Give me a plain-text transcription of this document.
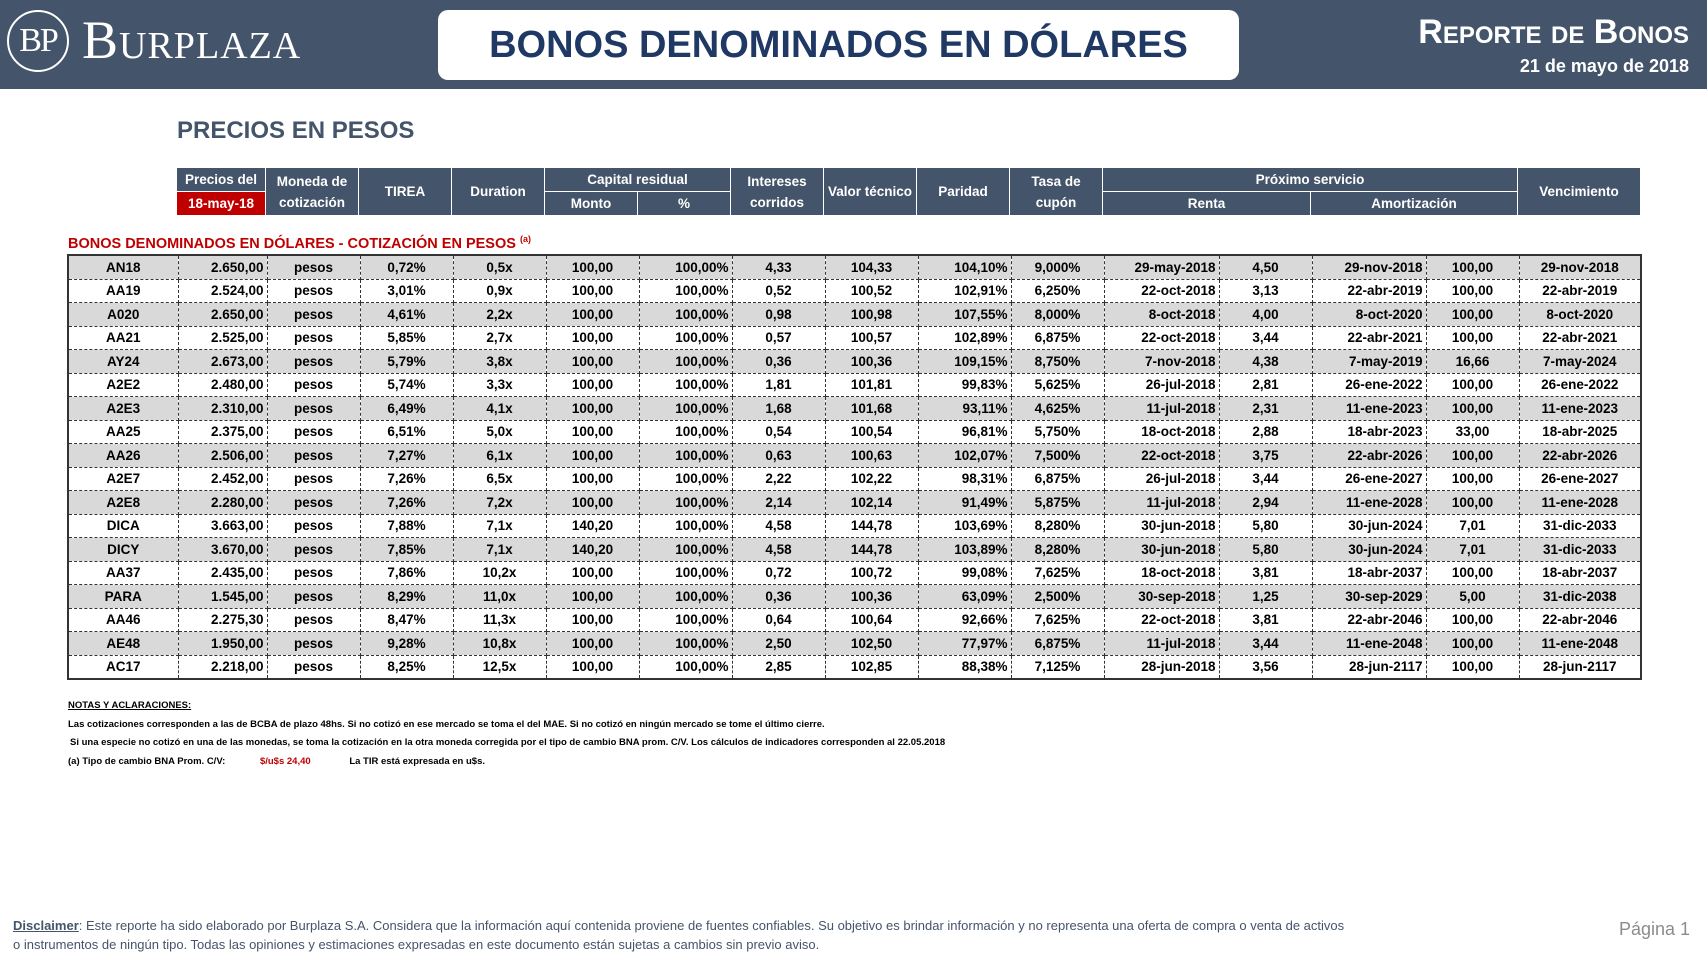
BP Burplaza	BONOS DENOMINADOS EN DÓLARES	Reporte de Bonos
21 de mayo de 2018
PRECIOS EN PESOS
Precios del
18-may-18
Moneda de cotización
TIREA	Duration
Capital residual
Monto	%
Intereses corridos
Valor técnico	Paridad
Tasa de cupón
Próximo servicio
Renta	Amortización
Vencimiento
BONOS DENOMINADOS EN DÓLARES - COTIZACIÓN EN PESOS $^{(a)}$
AN18	2.650,00	pesos	0,72%	0,5x	100,00	100,00%	4,33	104,33	104,10%	9,000%	29-may-2018	4,50	29-nov-2018	100,00	29-nov-2018
AA19	2.524,00	pesos	3,01%	0,9x	100,00	100,00%	0,52	100,52	102,91%	6,250%	22-oct-2018	3,13	22-abr-2019	100,00	22-abr-2019
A020	2.650,00	pesos	4,61%	2,2x	100,00	100,00%	0,98	100,98	107,55%	8,000%	8-oct-2018	4,00	8-oct-2020	100,00	8-oct-2020
AA21	2.525,00	pesos	5,85%	2,7x	100,00	100,00%	0,57	100,57	102,89%	6,875%	22-oct-2018	3,44	22-abr-2021	100,00	22-abr-2021
AY24	2.673,00	pesos	5,79%	3,8x	100,00	100,00%	0,36	100,36	109,15%	8,750%	7-nov-2018	4,38	7-may-2019	16,66	7-may-2024
A2E2	2.480,00	pesos	5,74%	3,3x	100,00	100,00%	1,81	101,81	99,83%	5,625%	26-jul-2018	2,81	26-ene-2022	100,00	26-ene-2022
A2E3	2.310,00	pesos	6,49%	4,1x	100,00	100,00%	1,68	101,68	93,11%	4,625%	11-jul-2018	2,31	11-ene-2023	100,00	11-ene-2023
AA25	2.375,00	pesos	6,51%	5,0x	100,00	100,00%	0,54	100,54	96,81%	5,750%	18-oct-2018	2,88	18-abr-2023	33,00	18-abr-2025
AA26	2.506,00	pesos	7,27%	6,1x	100,00	100,00%	0,63	100,63	102,07%	7,500%	22-oct-2018	3,75	22-abr-2026	100,00	22-abr-2026
A2E7	2.452,00	pesos	7,26%	6,5x	100,00	100,00%	2,22	102,22	98,31%	6,875%	26-jul-2018	3,44	26-ene-2027	100,00	26-ene-2027
A2E8	2.280,00	pesos	7,26%	7,2x	100,00	100,00%	2,14	102,14	91,49%	5,875%	11-jul-2018	2,94	11-ene-2028	100,00	11-ene-2028
DICA	3.663,00	pesos	7,88%	7,1x	140,20	100,00%	4,58	144,78	103,69%	8,280%	30-jun-2018	5,80	30-jun-2024	7,01	31-dic-2033
DICY	3.670,00	pesos	7,85%	7,1x	140,20	100,00%	4,58	144,78	103,89%	8,280%	30-jun-2018	5,80	30-jun-2024	7,01	31-dic-2033
AA37	2.435,00	pesos	7,86%	10,2x	100,00	100,00%	0,72	100,72	99,08%	7,625%	18-oct-2018	3,81	18-abr-2037	100,00	18-abr-2037
PARA	1.545,00	pesos	8,29%	11,0x	100,00	100,00%	0,36	100,36	63,09%	2,500%	30-sep-2018	1,25	30-sep-2029	5,00	31-dic-2038
AA46	2.275,30	pesos	8,47%	11,3x	100,00	100,00%	0,64	100,64	92,66%	7,625%	22-oct-2018	3,81	22-abr-2046	100,00	22-abr-2046
AE48	1.950,00	pesos	9,28%	10,8x	100,00	100,00%	2,50	102,50	77,97%	6,875%	11-jul-2018	3,44	11-ene-2048	100,00	11-ene-2048
AC17	2.218,00	pesos	8,25%	12,5x	100,00	100,00%	2,85	102,85	88,38%	7,125%	28-jun-2018	3,56	28-jun-2117	100,00	28-jun-2117
NOTAS Y ACLARACIONES:
Las cotizaciones corresponden a las de BCBA de plazo 48hs. Si no cotizó en ese mercado se toma el del MAE. Si no cotizó en ningún mercado se tome el último cierre.
Si una especie no cotizó en una de las monedas, se toma la cotización en la otra moneda corregida por el tipo de cambio BNA prom. C/V. Los cálculos de indicadores corresponden al 22.05.2018
(a) Tipo de cambio BNA Prom. C/V:	$/u$s 24,40	La TIR está expresada en u$s.
Disclaimer: Este reporte ha sido elaborado por Burplaza S.A. Considera que la información aquí contenida proviene de fuentes confiables. Su objetivo es brindar información y no representa una oferta de compra o venta de activos o instrumentos de ningún tipo. Todas las opiniones y estimaciones expresadas en este documento están sujetas a cambios sin previo aviso.
Página 1
